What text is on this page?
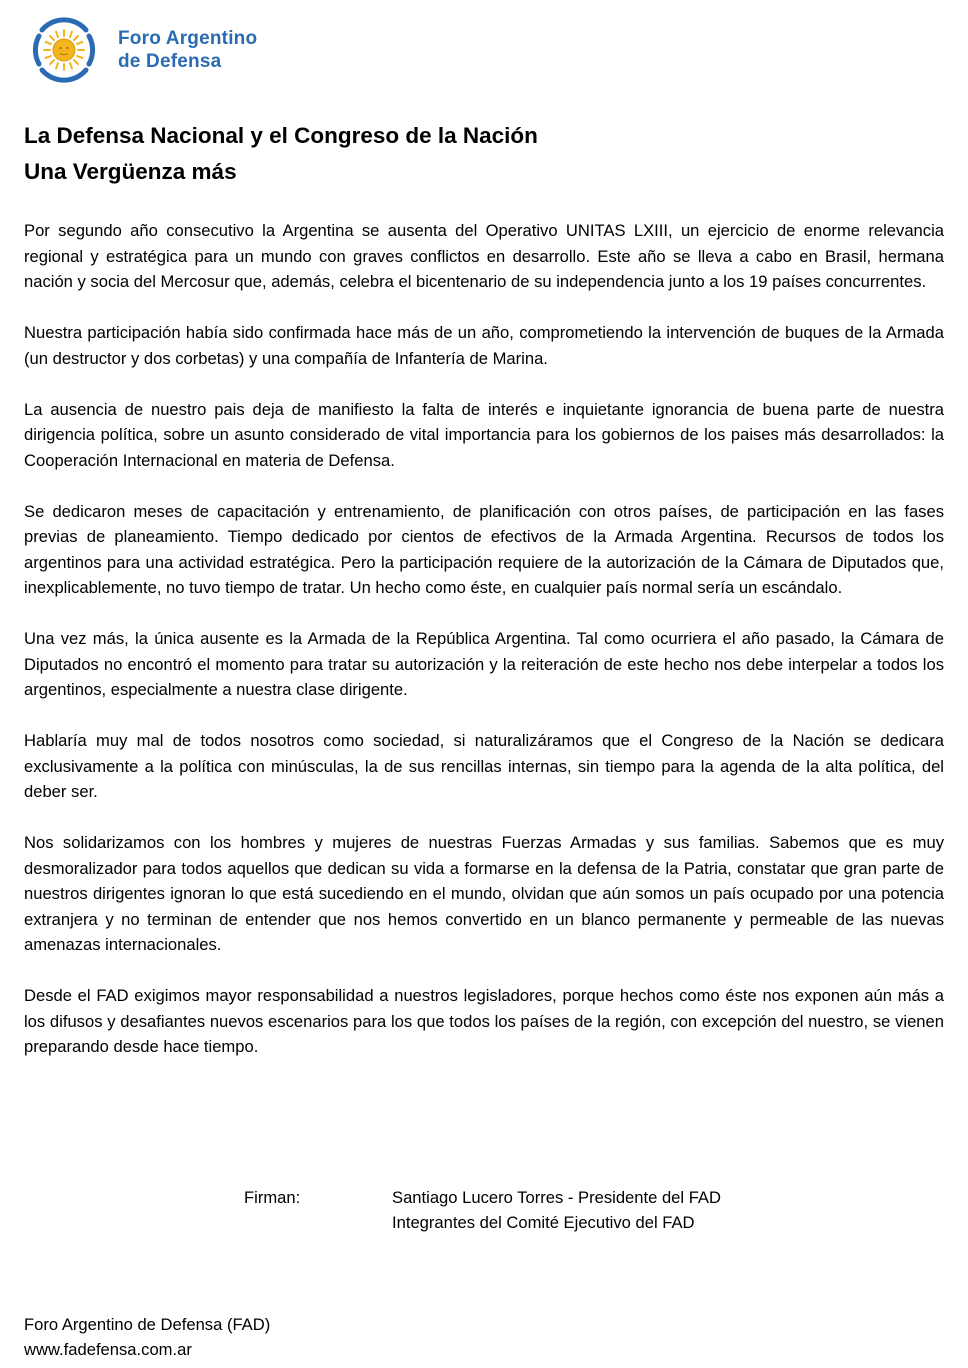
Foro Argentino
de Defensa
La Defensa Nacional y el Congreso de la Nación
Una Vergüenza más

Por segundo año consecutivo la Argentina se ausenta del Operativo UNITAS LXIII, un ejercicio de enorme relevancia regional y estratégica para un mundo con graves conflictos en desarrollo. Este año se lleva a cabo en Brasil, hermana nación y socia del Mercosur que, además, celebra el bicentenario de su independencia junto a los 19 países concurrentes.

Nuestra participación había sido confirmada hace más de un año, comprometiendo la intervención de buques de la Armada (un destructor y dos corbetas) y una compañía de Infantería de Marina.

La ausencia de nuestro pais deja de manifiesto la falta de interés e inquietante ignorancia de buena parte de nuestra dirigencia política, sobre un asunto considerado de vital importancia para los gobiernos de los paises más desarrollados: la Cooperación Internacional en materia de Defensa.

Se dedicaron meses de capacitación y entrenamiento, de planificación con otros países, de participación en las fases previas de planeamiento. Tiempo dedicado por cientos de efectivos de la Armada Argentina. Recursos de todos los argentinos para una actividad estratégica. Pero la participación requiere de la autorización de la Cámara de Diputados que, inexplicablemente, no tuvo tiempo de tratar. Un hecho como éste, en cualquier país normal sería un escándalo.

Una vez más, la única ausente es la Armada de la República Argentina. Tal como ocurriera el año pasado, la Cámara de Diputados no encontró el momento para tratar su autorización y la reiteración de este hecho nos debe interpelar a todos los argentinos, especialmente a nuestra clase dirigente.

Hablaría muy mal de todos nosotros como sociedad, si naturalizáramos que el Congreso de la Nación se dedicara exclusivamente a la política con minúsculas, la de sus rencillas internas, sin tiempo para la agenda de la alta política, del deber ser.

Nos solidarizamos con los hombres y mujeres de nuestras Fuerzas Armadas y sus familias. Sabemos que es muy desmoralizador para todos aquellos que dedican su vida a formarse en la defensa de la Patria, constatar que gran parte de nuestros dirigentes ignoran lo que está sucediendo en el mundo, olvidan que aún somos un país ocupado por una potencia extranjera y no terminan de entender que nos hemos convertido en un blanco permanente y permeable de las nuevas amenazas internacionales.

Desde el FAD exigimos mayor responsabilidad a nuestros legisladores, porque hechos como éste nos exponen aún más a los difusos y desafiantes nuevos escenarios para los que todos los países de la región, con excepción del nuestro, se vienen preparando desde hace tiempo.

Firman:	Santiago Lucero Torres - Presidente del FAD
Integrantes del Comité Ejecutivo del FAD
Foro Argentino de Defensa (FAD)
www.fadefensa.com.ar
